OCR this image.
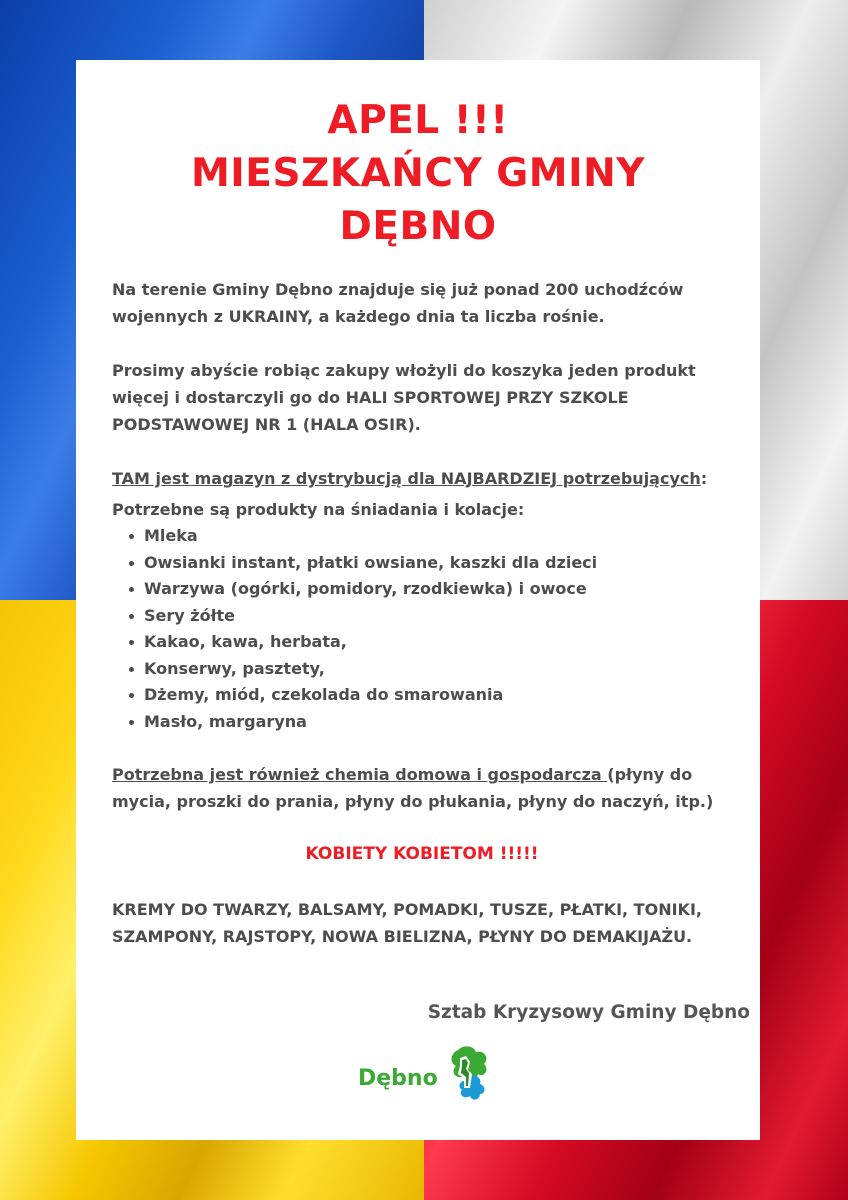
APEL !!!
MIESZKAŃCY GMINY
DĘBNO

Na terenie Gminy Dębno znajduje się już ponad 200 uchodźców wojennych z UKRAINY, a każdego dnia ta liczba rośnie.

Prosimy abyście robiąc zakupy włożyli do koszyka jeden produkt więcej i dostarczyli go do HALI SPORTOWEJ PRZY SZKOLE PODSTAWOWEJ NR 1 (HALA OSIR).

TAM jest magazyn z dystrybucją dla NAJBARDZIEJ potrzebujących:

Potrzebne są produkty na śniadania i kolacje:

Mleka
Owsianki instant, płatki owsiane, kaszki dla dzieci
Warzywa (ogórki, pomidory, rzodkiewka) i owoce
Sery żółte
Kakao, kawa, herbata,
Konserwy, pasztety,
Dżemy, miód, czekolada do smarowania
Masło, margaryna

Potrzebna jest również chemia domowa i gospodarcza (płyny do mycia, proszki do prania, płyny do płukania, płyny do naczyń, itp.)

KOBIETY KOBIETOM !!!!!

KREMY DO TWARZY, BALSAMY, POMADKI, TUSZE, PŁATKI, TONIKI, SZAMPONY, RAJSTOPY, NOWA BIELIZNA, PŁYNY DO DEMAKIJAŻU.

Sztab Kryzysowy Gminy Dębno
Dębno
